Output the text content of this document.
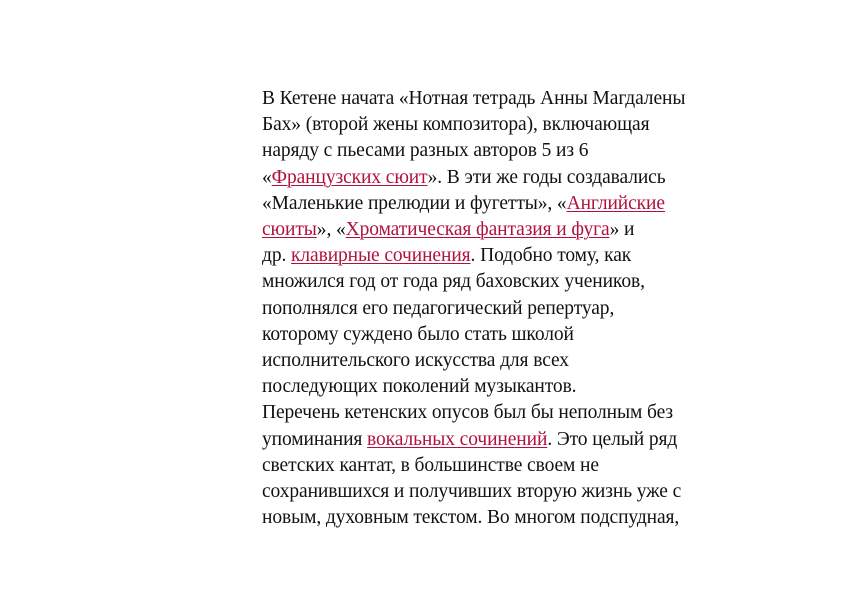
В Кетене начата «Нотная тетрадь Анны Магдалены
Бах» (второй жены композитора), включающая
наряду с пьесами разных авторов 5 из 6
«Французских сюит». В эти же годы создавались
«Маленькие прелюдии и фугетты», «Английские
сюиты», «Хроматическая фантазия и фуга» и
др. клавирные сочинения. Подобно тому, как
множился год от года ряд баховских учеников,
пополнялся его педагогический репертуар,
которому суждено было стать школой
исполнительского искусства для всех
последующих поколений музыкантов.
Перечень кетенских опусов был бы неполным без
упоминания вокальных сочинений. Это целый ряд
светских кантат, в большинстве своем не
сохранившихся и получивших вторую жизнь уже с
новым, духовным текстом. Во многом подспудная,
